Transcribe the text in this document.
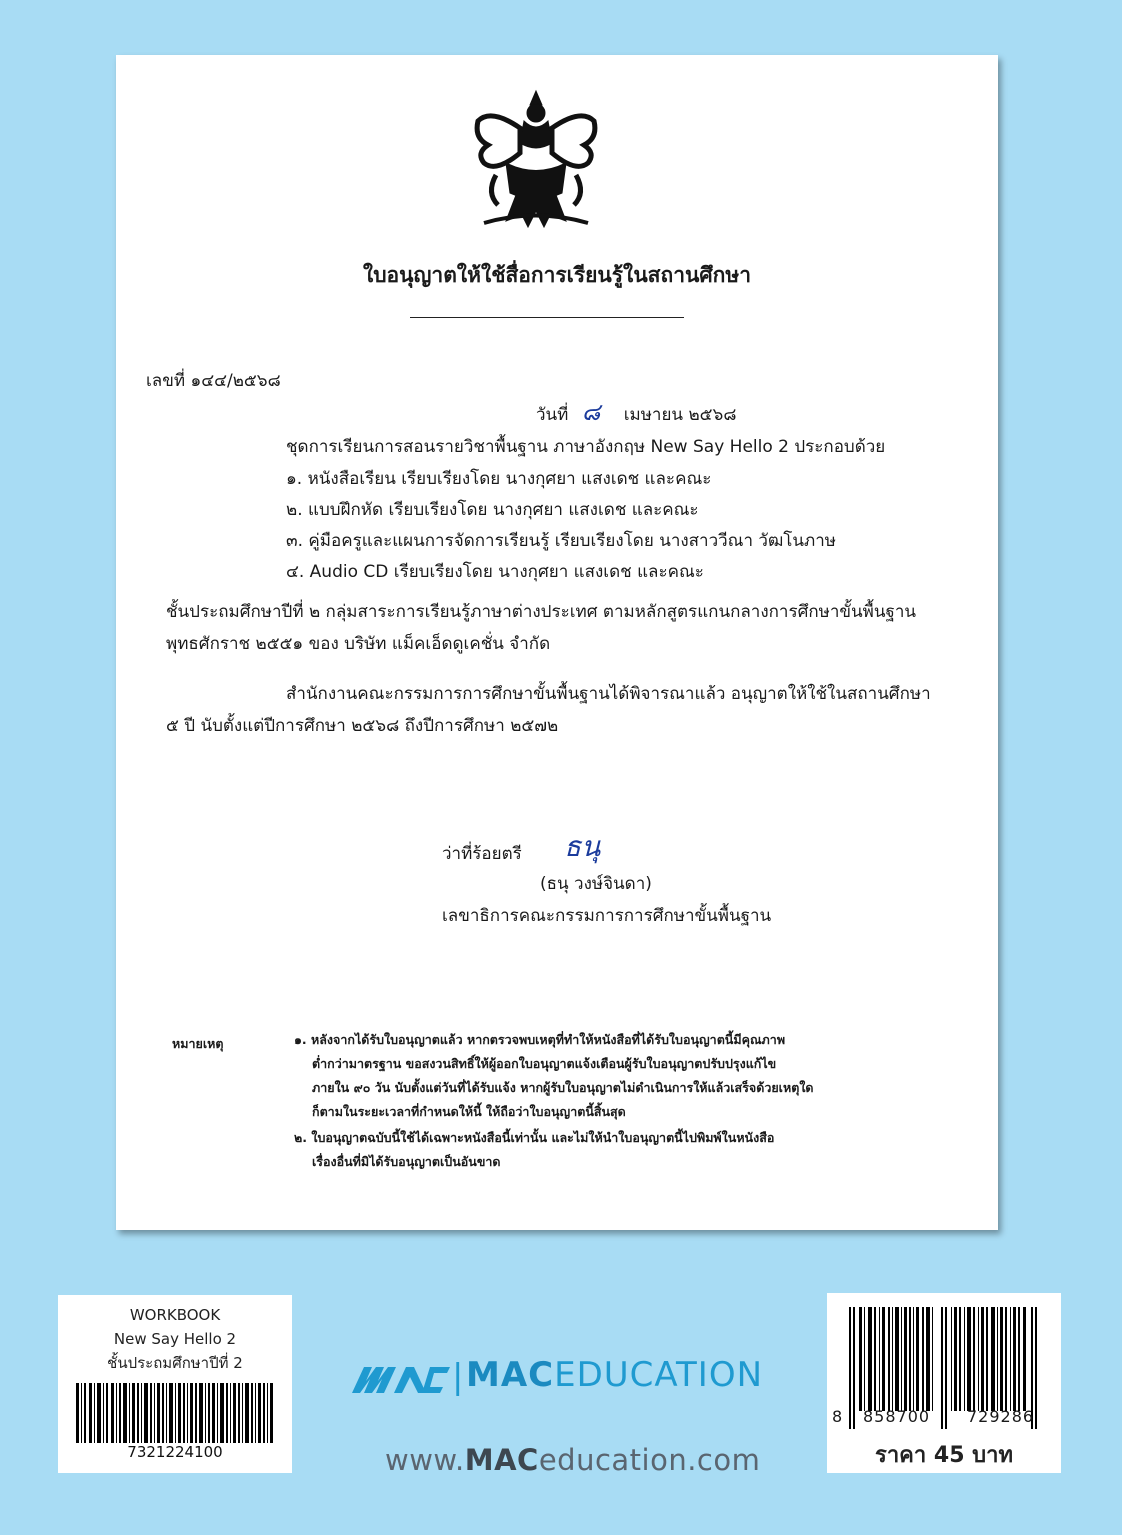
ใบอนุญาตให้ใช้สื่อการเรียนรู้ในสถานศึกษา
เลขที่ ๑๔๔/๒๕๖๘
วันที่ ๘ เมษายน ๒๕๖๘
ชุดการเรียนการสอนรายวิชาพื้นฐาน ภาษาอังกฤษ New Say Hello 2 ประกอบด้วย
๑. หนังสือเรียน เรียบเรียงโดย นางกุศยา แสงเดช และคณะ
๒. แบบฝึกหัด เรียบเรียงโดย นางกุศยา แสงเดช และคณะ
๓. คู่มือครูและแผนการจัดการเรียนรู้ เรียบเรียงโดย นางสาววีณา วัฒโนภาษ
๔. Audio CD เรียบเรียงโดย นางกุศยา แสงเดช และคณะ
ชั้นประถมศึกษาปีที่ ๒ กลุ่มสาระการเรียนรู้ภาษาต่างประเทศ ตามหลักสูตรแกนกลางการศึกษาขั้นพื้นฐาน
พุทธศักราช ๒๕๕๑ ของ บริษัท แม็คเอ็ดดูเคชั่น จำกัด
สำนักงานคณะกรรมการการศึกษาขั้นพื้นฐานได้พิจารณาแล้ว อนุญาตให้ใช้ในสถานศึกษา
๕ ปี นับตั้งแต่ปีการศึกษา ๒๕๖๘ ถึงปีการศึกษา ๒๕๗๒
ว่าที่ร้อยตรี ธนุ
(ธนุ วงษ์จินดา)
เลขาธิการคณะกรรมการการศึกษาขั้นพื้นฐาน
หมายเหตุ	๑. หลังจากได้รับใบอนุญาตแล้ว หากตรวจพบเหตุที่ทำให้หนังสือที่ได้รับใบอนุญาตนี้มีคุณภาพ
ต่ำกว่ามาตรฐาน ขอสงวนสิทธิ์ให้ผู้ออกใบอนุญาตแจ้งเตือนผู้รับใบอนุญาตปรับปรุงแก้ไข
ภายใน ๙๐ วัน นับตั้งแต่วันที่ได้รับแจ้ง หากผู้รับใบอนุญาตไม่ดำเนินการให้แล้วเสร็จด้วยเหตุใด
ก็ตามในระยะเวลาที่กำหนดให้นี้ ให้ถือว่าใบอนุญาตนี้สิ้นสุด
๒. ใบอนุญาตฉบับนี้ใช้ได้เฉพาะหนังสือนี้เท่านั้น และไม่ให้นำใบอนุญาตนี้ไปพิมพ์ในหนังสือ
เรื่องอื่นที่มิได้รับอนุญาตเป็นอันขาด
WORKBOOK
New Say Hello 2
ชั้นประถมศึกษาปีที่ 2
7321224100
| MACEDUCATION
www.MACeducation.com
8 858700 729286
ราคา 45 บาท
